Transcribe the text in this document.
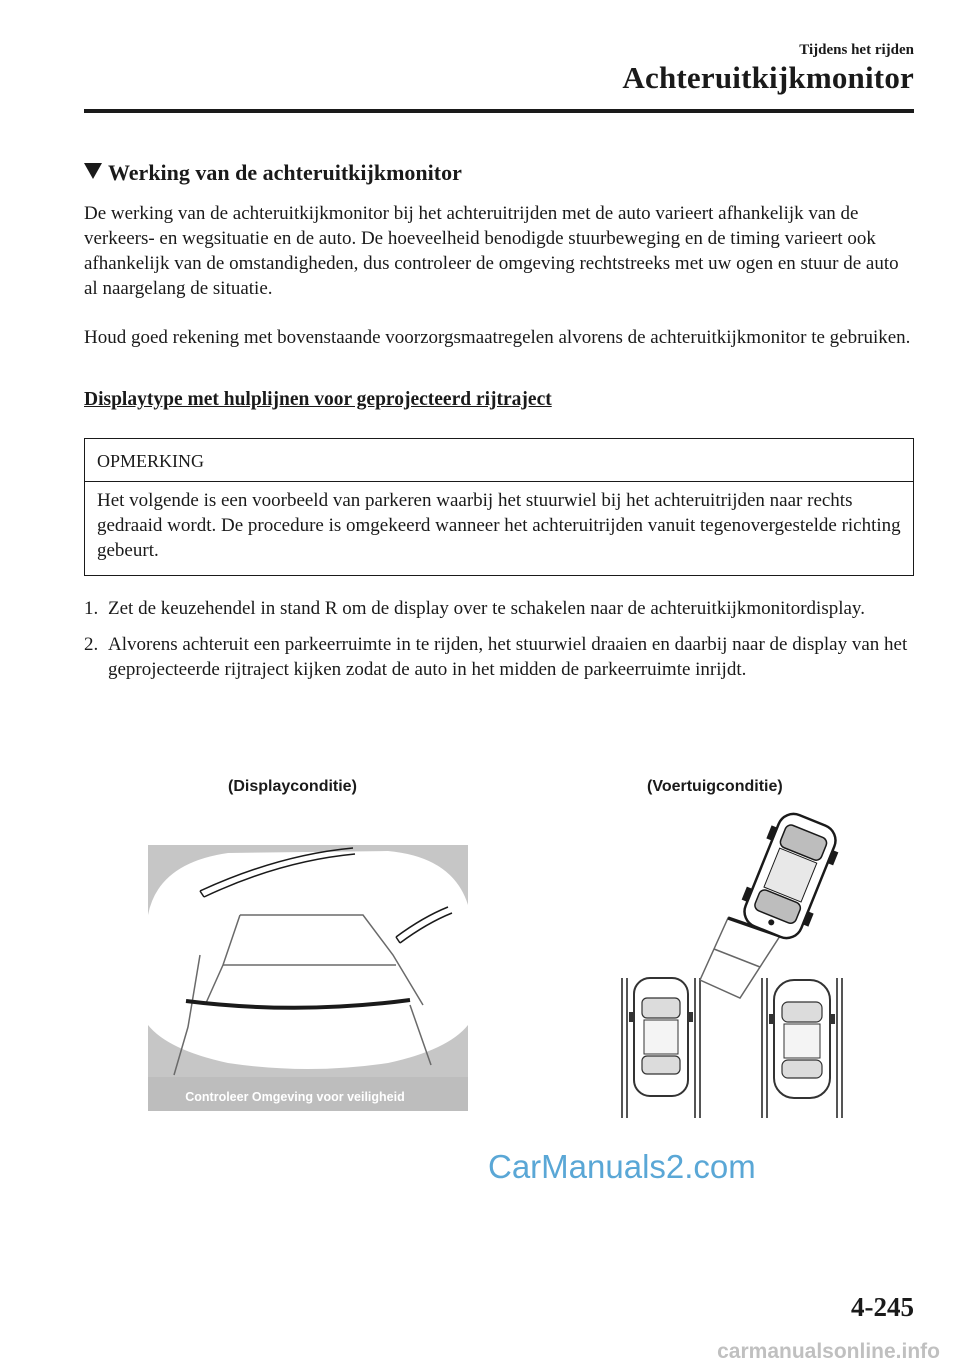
Tijdens het rijden
Achteruitkijkmonitor
Werking van de achteruitkijkmonitor
De werking van de achteruitkijkmonitor bij het achteruitrijden met de auto varieert afhankelijk van de verkeers- en wegsituatie en de auto. De hoeveelheid benodigde stuurbeweging en de timing varieert ook afhankelijk van de omstandigheden, dus controleer de omgeving rechtstreeks met uw ogen en stuur de auto al naargelang de situatie.
Houd goed rekening met bovenstaande voorzorgsmaatregelen alvorens de achteruitkijkmonitor te gebruiken.
Displaytype met hulplijnen voor geprojecteerd rijtraject
OPMERKING
Het volgende is een voorbeeld van parkeren waarbij het stuurwiel bij het achteruitrijden naar rechts gedraaid wordt. De procedure is omgekeerd wanneer het achteruitrijden vanuit tegenovergestelde richting gebeurt.
1. Zet de keuzehendel in stand R om de display over te schakelen naar de achteruitkijkmonitordisplay.
2. Alvorens achteruit een parkeerruimte in te rijden, het stuurwiel draaien en daarbij naar de display van het geprojecteerde rijtraject kijken zodat de auto in het midden de parkeerruimte inrijdt.
(Displayconditie)	(Voertuigconditie)
Controleer Omgeving voor veiligheid
CarManuals2.com
4-245
carmanualsonline.info
